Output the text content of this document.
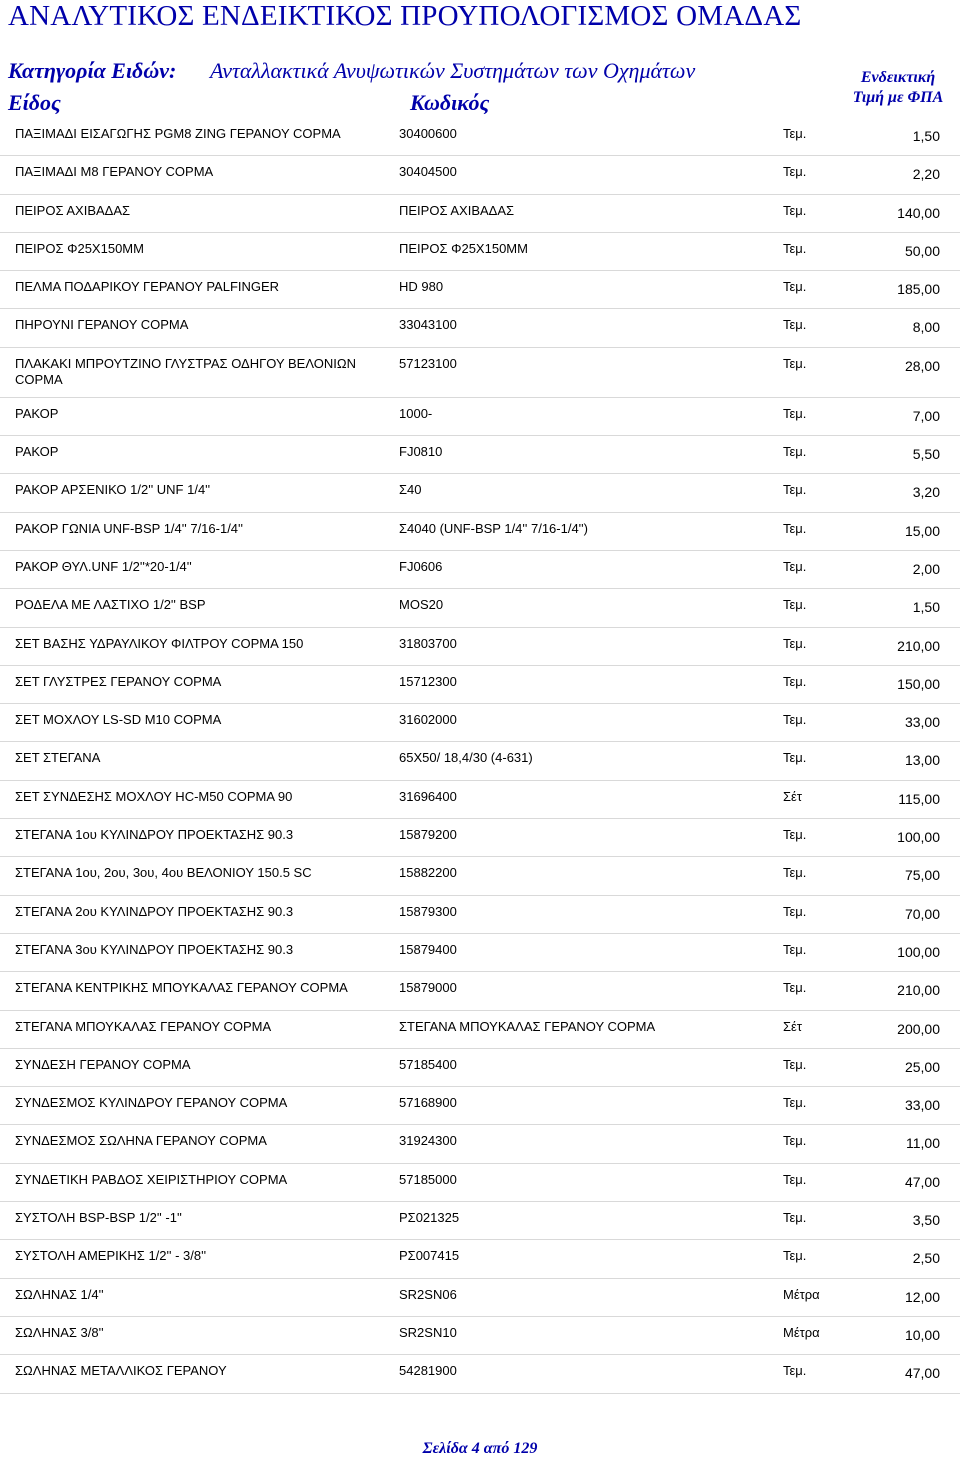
ΑΝΑΛΥΤΙΚΟΣ ΕΝΔΕΙΚΤΙΚΟΣ ΠΡΟΥΠΟΛΟΓΙΣΜΟΣ ΟΜΑΔΑΣ
Κατηγορία Ειδών: Ανταλλακτικά Ανυψωτικών Συστημάτων των Οχημάτων
Είδος	Κωδικός
Ενδεικτική
Τιμή με ΦΠΑ
ΠΑΞΙΜΑΔΙ ΕΙΣΑΓΩΓΗΣ PGM8 ZING ΓΕΡΑΝΟΥ COPMA	30400600	Τεμ.	1,50
ΠΑΞΙΜΑΔΙ Μ8 ΓΕΡΑΝΟΥ COPMA	30404500	Τεμ.	2,20
ΠΕΙΡΟΣ ΑΧΙΒΑΔΑΣ	ΠΕΙΡΟΣ ΑΧΙΒΑΔΑΣ	Τεμ.	140,00
ΠΕΙΡΟΣ Φ25Χ150ΜΜ	ΠΕΙΡΟΣ Φ25Χ150ΜΜ	Τεμ.	50,00
ΠΕΛΜΑ ΠΟΔΑΡΙΚΟΥ ΓΕΡΑΝΟΥ PALFINGER	HD 980	Τεμ.	185,00
ΠΗΡΟΥΝΙ ΓΕΡΑΝΟΥ COPMA	33043100	Τεμ.	8,00
ΠΛΑΚΑΚΙ ΜΠΡΟΥΤΖΙΝΟ ΓΛΥΣΤΡΑΣ ΟΔΗΓΟΥ ΒΕΛΟΝΙΩΝ COPMA
57123100	Τεμ.	28,00
ΡΑΚΟΡ	1000-	Τεμ.	7,00
ΡΑΚΟΡ	FJ0810	Τεμ.	5,50
ΡΑΚΟΡ ΑΡΣΕΝΙΚΟ 1/2'' UNF 1/4''	Σ40	Τεμ.	3,20
ΡΑΚΟΡ ΓΩΝΙΑ UNF-BSP 1/4'' 7/16-1/4''	Σ4040 (UNF-BSP 1/4'' 7/16-1/4'')	Τεμ.	15,00
ΡΑΚΟΡ ΘΥΛ.UNF 1/2''*20-1/4''	FJ0606	Τεμ.	2,00
ΡΟΔΕΛΑ ΜΕ ΛΑΣΤΙΧΟ 1/2'' BSP	MOS20	Τεμ.	1,50
ΣΕΤ ΒΑΣΗΣ ΥΔΡΑΥΛΙΚΟΥ ΦΙΛΤΡΟΥ COPMA 150	31803700	Τεμ.	210,00
ΣΕΤ ΓΛΥΣΤΡΕΣ ΓΕΡΑΝΟΥ COPMA	15712300	Τεμ.	150,00
ΣΕΤ ΜΟΧΛΟΥ LS-SD M10 COPMA	31602000	Τεμ.	33,00
ΣΕΤ ΣΤΕΓΑΝΑ	65X50/ 18,4/30 (4-631)	Τεμ.	13,00
ΣΕΤ ΣΥΝΔΕΣΗΣ ΜΟΧΛΟΥ HC-M50 COPMA 90	31696400	Σέτ	115,00
ΣΤΕΓΑΝΑ 1ου ΚΥΛΙΝΔΡΟΥ ΠΡΟΕΚΤΑΣΗΣ 90.3	15879200	Τεμ.	100,00
ΣΤΕΓΑΝΑ 1ου, 2ου, 3ου, 4ου ΒΕΛΟΝΙΟΥ 150.5 SC	15882200	Τεμ.	75,00
ΣΤΕΓΑΝΑ 2ου ΚΥΛΙΝΔΡΟΥ ΠΡΟΕΚΤΑΣΗΣ 90.3	15879300	Τεμ.	70,00
ΣΤΕΓΑΝΑ 3ου ΚΥΛΙΝΔΡΟΥ ΠΡΟΕΚΤΑΣΗΣ 90.3	15879400	Τεμ.	100,00
ΣΤΕΓΑΝΑ ΚΕΝΤΡΙΚΗΣ ΜΠΟΥΚΑΛΑΣ ΓΕΡΑΝΟΥ COPMA	15879000	Τεμ.	210,00
ΣΤΕΓΑΝΑ ΜΠΟΥΚΑΛΑΣ ΓΕΡΑΝΟΥ COPMA	ΣΤΕΓΑΝΑ ΜΠΟΥΚΑΛΑΣ ΓΕΡΑΝΟΥ COPMA	Σέτ	200,00
ΣΥΝΔΕΣΗ ΓΕΡΑΝΟΥ COPMA	57185400	Τεμ.	25,00
ΣΥΝΔΕΣΜΟΣ ΚΥΛΙΝΔΡΟΥ ΓΕΡΑΝΟΥ COPMA	57168900	Τεμ.	33,00
ΣΥΝΔΕΣΜΟΣ ΣΩΛΗΝΑ ΓΕΡΑΝΟΥ COPMA	31924300	Τεμ.	11,00
ΣΥΝΔΕΤΙΚΗ ΡΑΒΔΟΣ ΧΕΙΡΙΣΤΗΡΙΟΥ COPMA	57185000	Τεμ.	47,00
ΣΥΣΤΟΛΗ BSP-BSP 1/2'' -1''	ΡΣ021325	Τεμ.	3,50
ΣΥΣΤΟΛΗ ΑΜΕΡΙΚΗΣ 1/2'' - 3/8''	ΡΣ007415	Τεμ.	2,50
ΣΩΛΗΝΑΣ 1/4''	SR2SN06	Μέτρα	12,00
ΣΩΛΗΝΑΣ 3/8''	SR2SN10	Μέτρα	10,00
ΣΩΛΗΝΑΣ ΜΕΤΑΛΛΙΚΟΣ ΓΕΡΑΝΟΥ	54281900	Τεμ.	47,00
Σελίδα 4 από 129
